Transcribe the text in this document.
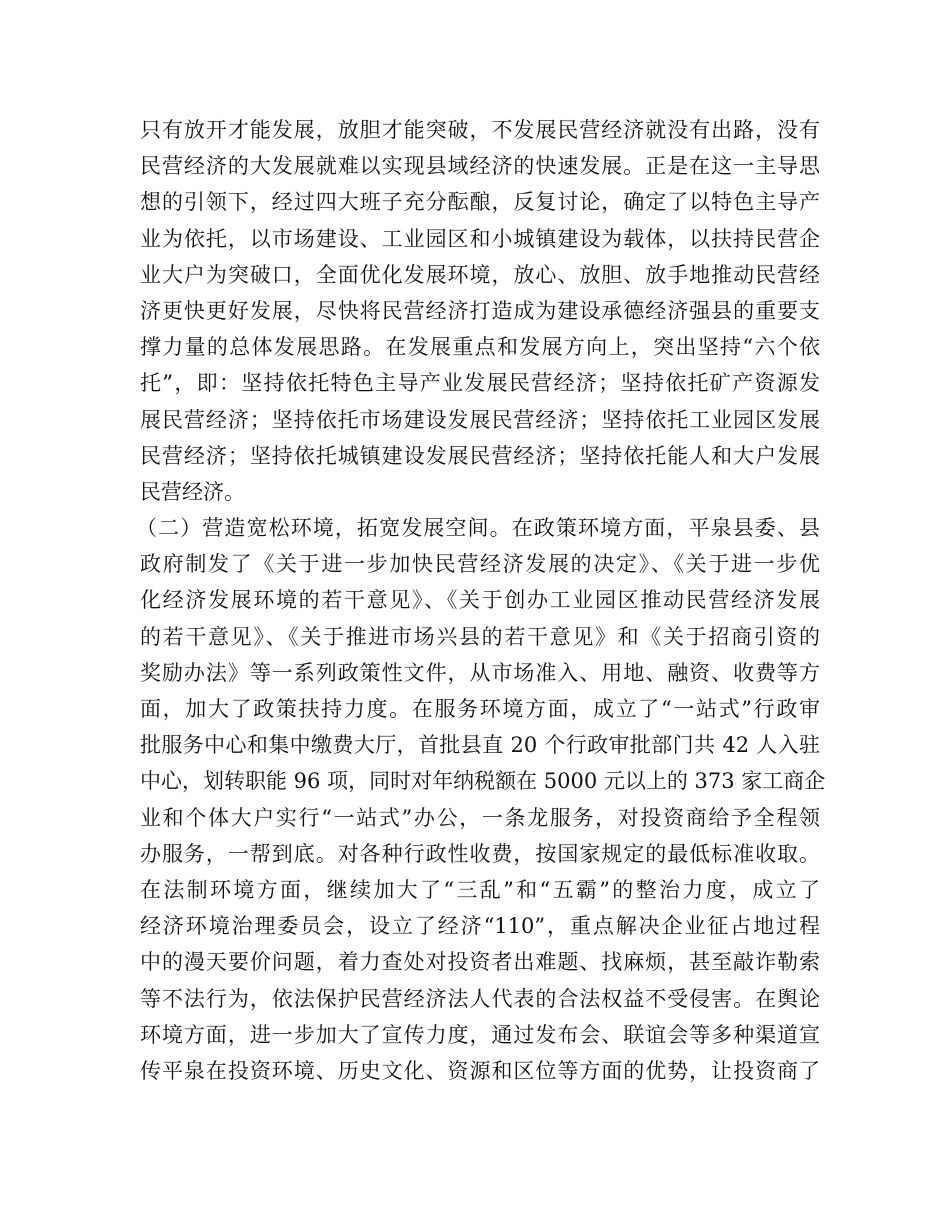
只有放开才能发展，放胆才能突破，不发展民营经济就没有出路，没有
民营经济的大发展就难以实现县域经济的快速发展。正是在这一主导思
想的引领下，经过四大班子充分酝酿，反复讨论，确定了以特色主导产
业为依托，以市场建设、工业园区和小城镇建设为载体，以扶持民营企
业大户为突破口，全面优化发展环境，放心、放胆、放手地推动民营经
济更快更好发展，尽快将民营经济打造成为建设承德经济强县的重要支
撑力量的总体发展思路。在发展重点和发展方向上，突出坚持“六个依
托”，即：坚持依托特色主导产业发展民营经济；坚持依托矿产资源发
展民营经济；坚持依托市场建设发展民营经济；坚持依托工业园区发展
民营经济；坚持依托城镇建设发展民营经济；坚持依托能人和大户发展
民营经济。
（二）营造宽松环境，拓宽发展空间。在政策环境方面，平泉县委、县
政府制发了《关于进一步加快民营经济发展的决定》、《关于进一步优
化经济发展环境的若干意见》、《关于创办工业园区推动民营经济发展
的若干意见》、《关于推进市场兴县的若干意见》和《关于招商引资的
奖励办法》等一系列政策性文件，从市场准入、用地、融资、收费等方
面，加大了政策扶持力度。在服务环境方面，成立了“一站式”行政审
批服务中心和集中缴费大厅，首批县直 20 个行政审批部门共 42 人入驻
中心，划转职能 96 项，同时对年纳税额在 5000 元以上的 373 家工商企
业和个体大户实行“一站式”办公，一条龙服务，对投资商给予全程领
办服务，一帮到底。对各种行政性收费，按国家规定的最低标准收取。
在法制环境方面，继续加大了“三乱”和“五霸”的整治力度，成立了
经济环境治理委员会，设立了经济“110”，重点解决企业征占地过程
中的漫天要价问题，着力查处对投资者出难题、找麻烦，甚至敲诈勒索
等不法行为，依法保护民营经济法人代表的合法权益不受侵害。在舆论
环境方面，进一步加大了宣传力度，通过发布会、联谊会等多种渠道宣
传平泉在投资环境、历史文化、资源和区位等方面的优势，让投资商了
